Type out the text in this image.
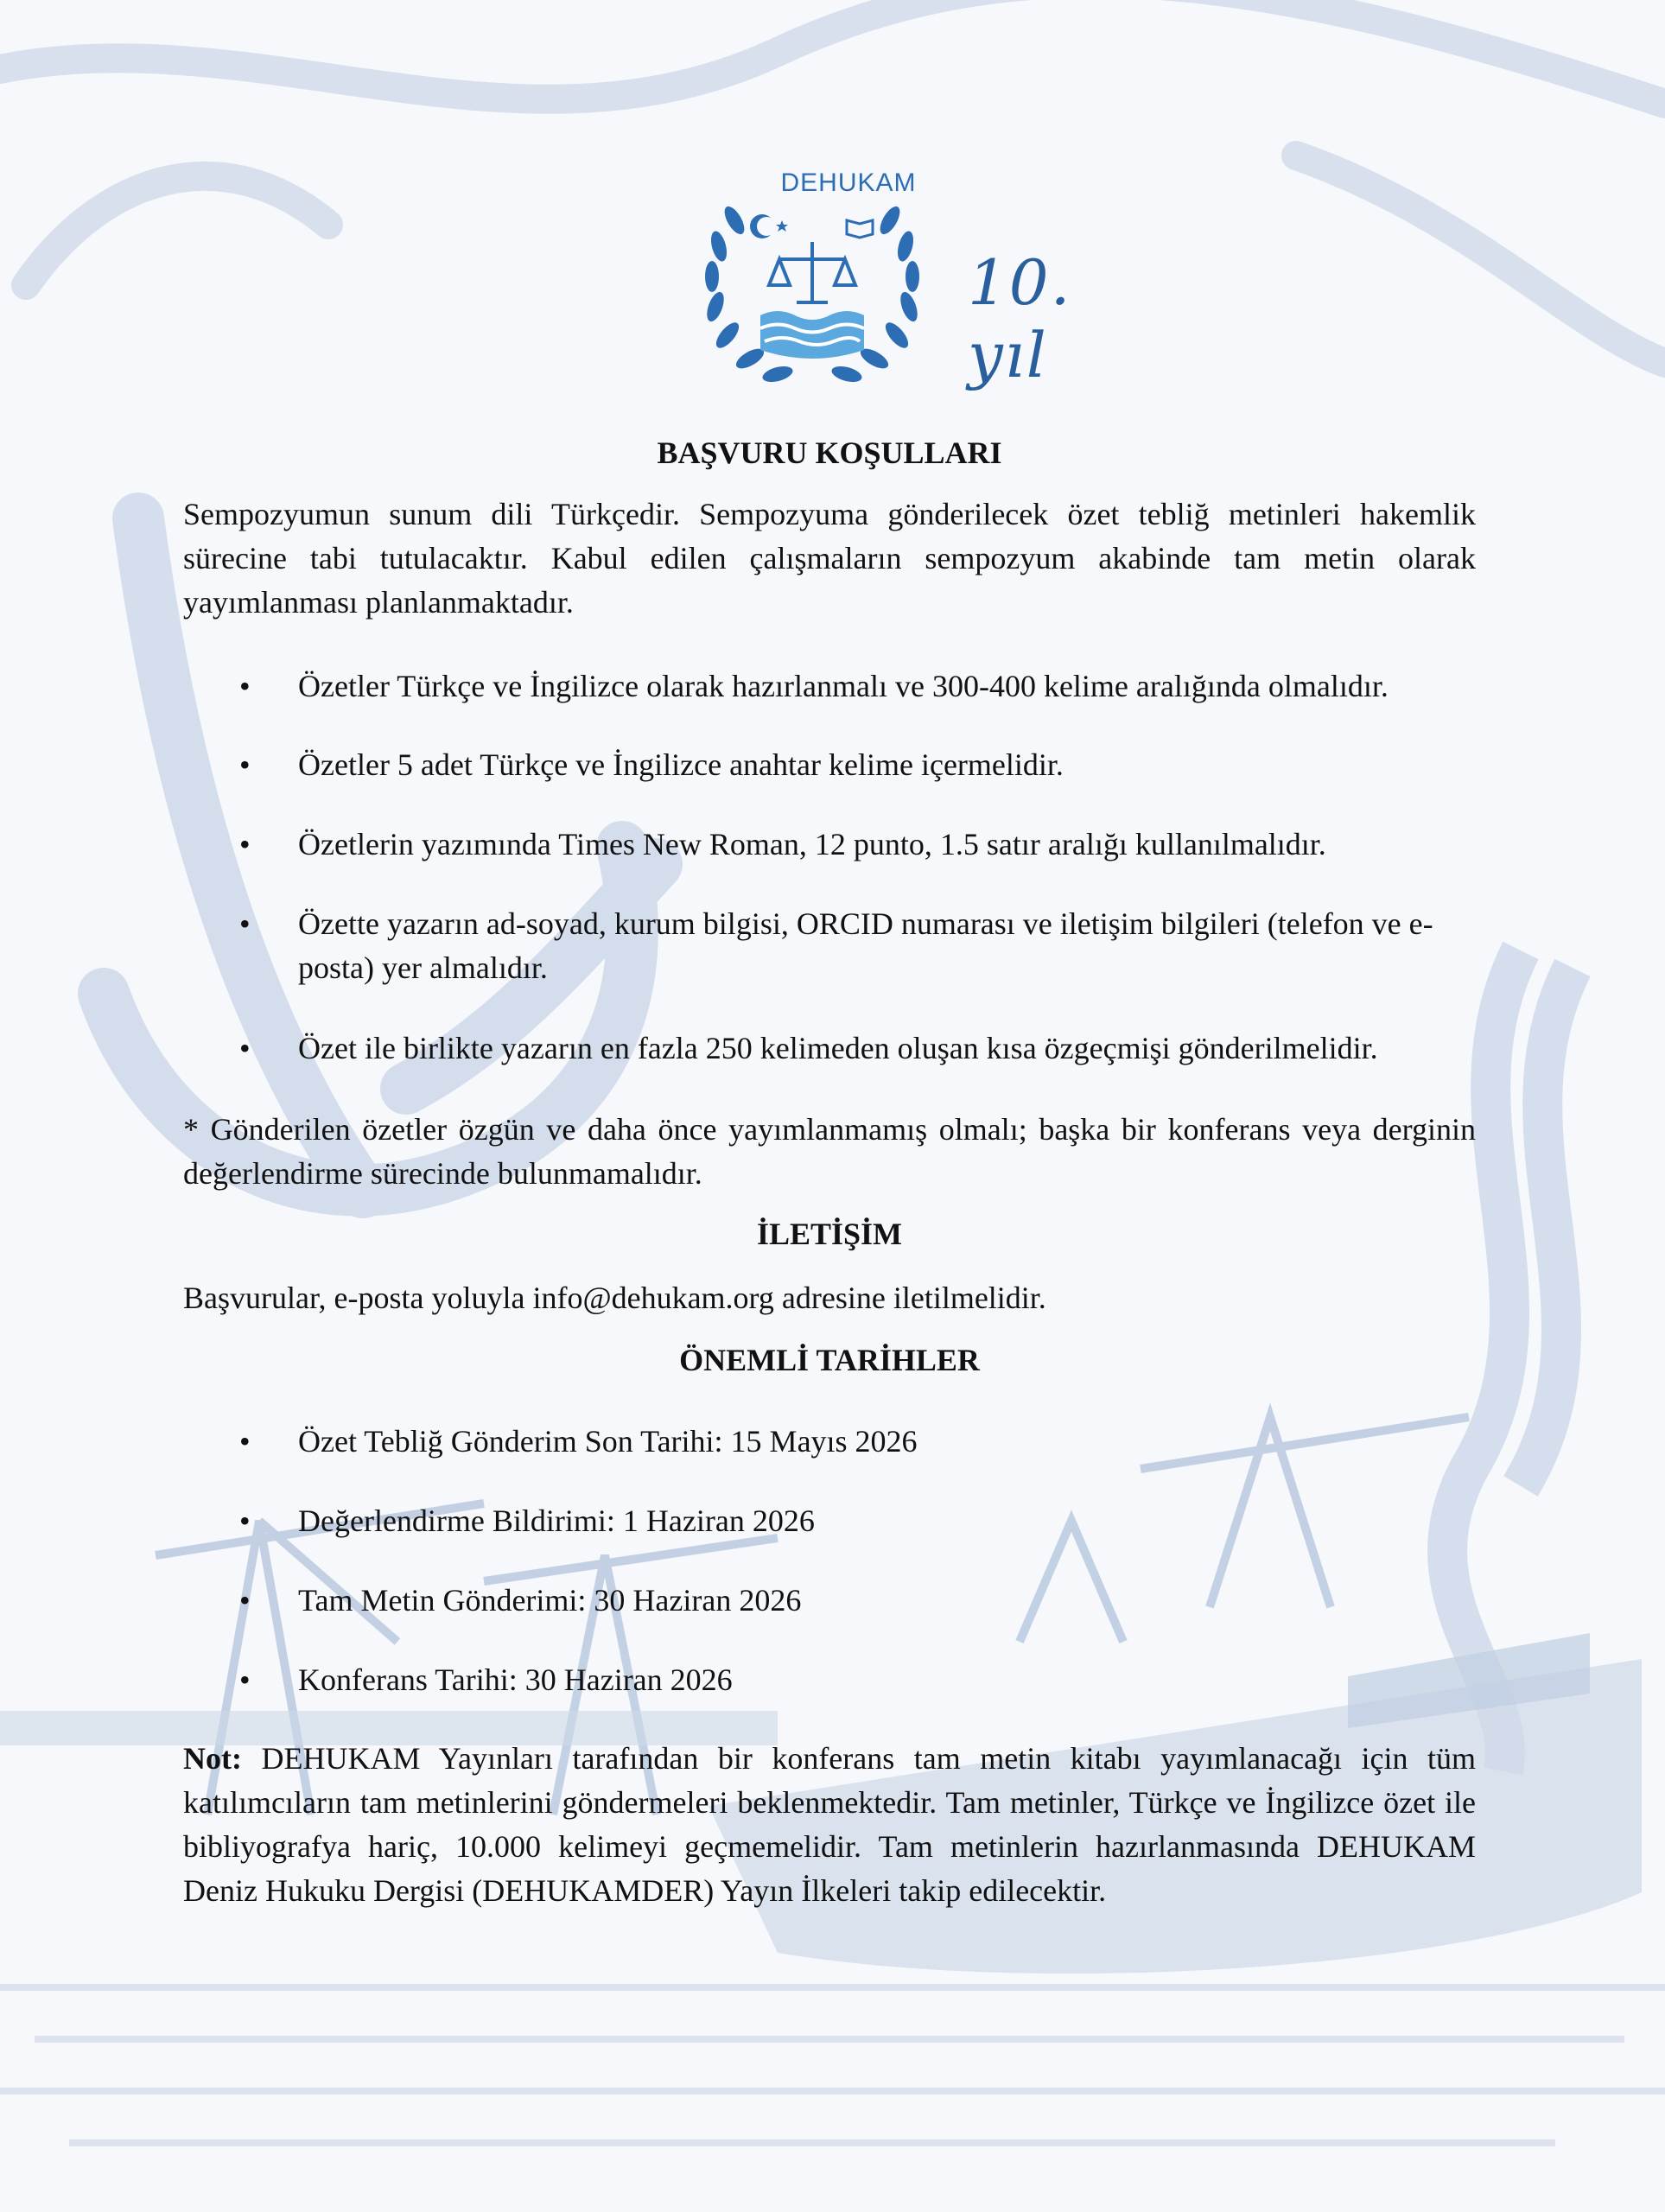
DEHUKAM
10. yıl
BAŞVURU KOŞULLARI

Sempozyumun sunum dili Türkçedir. Sempozyuma gönderilecek özet tebliğ metinleri hakemlik sürecine tabi tutulacaktır. Kabul edilen çalışmaların sempozyum akabinde tam metin olarak yayımlanması planlanmaktadır.

• Özetler Türkçe ve İngilizce olarak hazırlanmalı ve 300-400 kelime aralığında olmalıdır.
• Özetler 5 adet Türkçe ve İngilizce anahtar kelime içermelidir.
• Özetlerin yazımında Times New Roman, 12 punto, 1.5 satır aralığı kullanılmalıdır.
• Özette yazarın ad-soyad, kurum bilgisi, ORCID numarası ve iletişim bilgileri (telefon ve e-posta) yer almalıdır.
• Özet ile birlikte yazarın en fazla 250 kelimeden oluşan kısa özgeçmişi gönderilmelidir.

* Gönderilen özetler özgün ve daha önce yayımlanmamış olmalı; başka bir konferans veya derginin değerlendirme sürecinde bulunmamalıdır.

İLETİŞİM

Başvurular, e-posta yoluyla info@dehukam.org adresine iletilmelidir.

ÖNEMLİ TARİHLER
• Özet Tebliğ Gönderim Son Tarihi: 15 Mayıs 2026
• Değerlendirme Bildirimi: 1 Haziran 2026
• Tam Metin Gönderimi: 30 Haziran 2026
• Konferans Tarihi: 30 Haziran 2026

Not: DEHUKAM Yayınları tarafından bir konferans tam metin kitabı yayımlanacağı için tüm katılımcıların tam metinlerini göndermeleri beklenmektedir. Tam metinler, Türkçe ve İngilizce özet ile bibliyografya hariç, 10.000 kelimeyi geçmemelidir. Tam metinlerin hazırlanmasında DEHUKAM Deniz Hukuku Dergisi (DEHUKAMDER) Yayın İlkeleri takip edilecektir.
